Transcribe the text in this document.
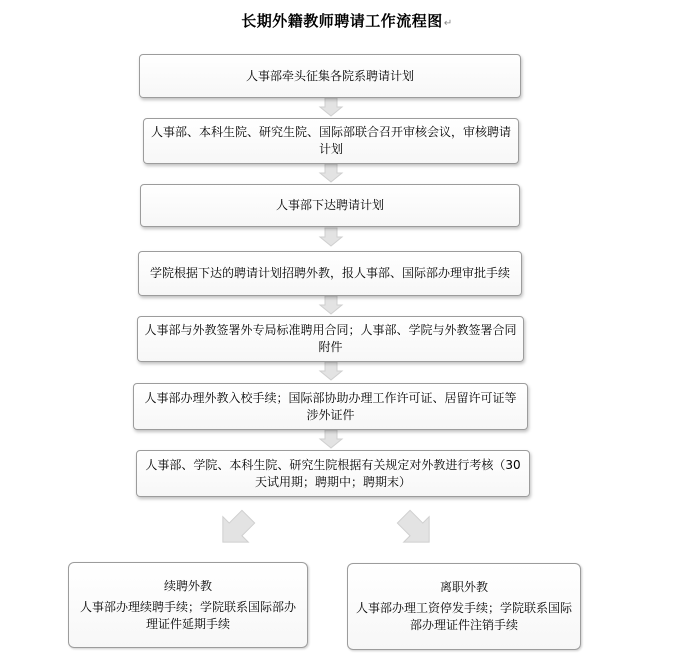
长期外籍教师聘请工作流程图↵
人事部牵头征集各院系聘请计划
人事部、本科生院、研究生院、国际部联合召开审核会议，审核聘请计划
人事部下达聘请计划
学院根据下达的聘请计划招聘外教，报人事部、国际部办理审批手续
人事部与外教签署外专局标准聘用合同；人事部、学院与外教签署合同附件
人事部办理外教入校手续；国际部协助办理工作许可证、居留许可证等涉外证件
人事部、学院、本科生院、研究生院根据有关规定对外教进行考核（30天试用期；聘期中；聘期末）
续聘外教
人事部办理续聘手续；学院联系国际部办理证件延期手续
离职外教
人事部办理工资停发手续；学院联系国际部办理证件注销手续
